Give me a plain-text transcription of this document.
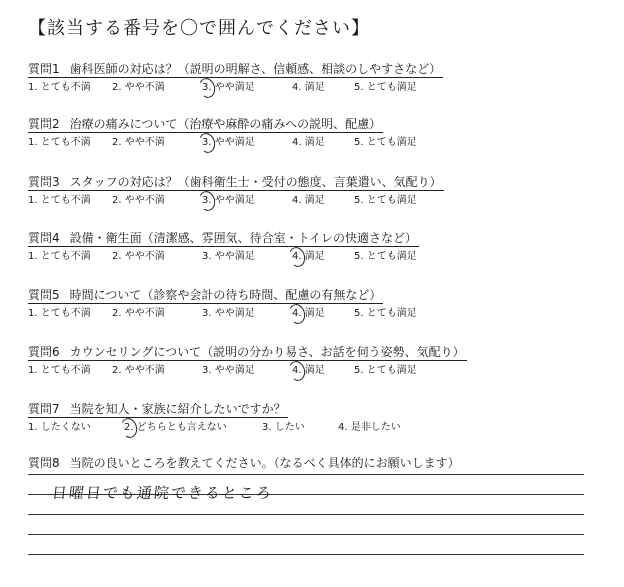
【該当する番号を〇で囲んでください】
質問1 歯科医師の対応は？（説明の明解さ、信頼感、相談のしやすさなど）
1. とても不満 2. やや不満	3. やや満足	4. 満足	5. とても満足
質問2 治療の痛みについて（治療や麻酔の痛みへの説明、配慮）
1. とても不満 2. やや不満	3. やや満足	4. 満足	5. とても満足
質問3 スタッフの対応は？（歯科衛生士・受付の態度、言葉遣い、気配り）
1. とても不満 2. やや不満	3. やや満足	4. 満足	5. とても満足
質問4 設備・衛生面（清潔感、雰囲気、待合室・トイレの快適さなど）
1. とても不満 2. やや不満	3. やや満足	4. 満足	5. とても満足
質問5 時間について（診察や会計の待ち時間、配慮の有無など）
1. とても不満 2. やや不満	3. やや満足	4. 満足	5. とても満足
質問6 カウンセリングについて（説明の分かり易さ、お話を伺う姿勢、気配り）
1. とても不満 2. やや不満	3. やや満足	4. 満足	5. とても満足
質問7 当院を知人・家族に紹介したいですか？
1. したくない	2. どちらとも言えない	3. したい	4. 是非したい
質問8 当院の良いところを教えてください。（なるべく具体的にお願いします）
日曜日でも通院できるところ
